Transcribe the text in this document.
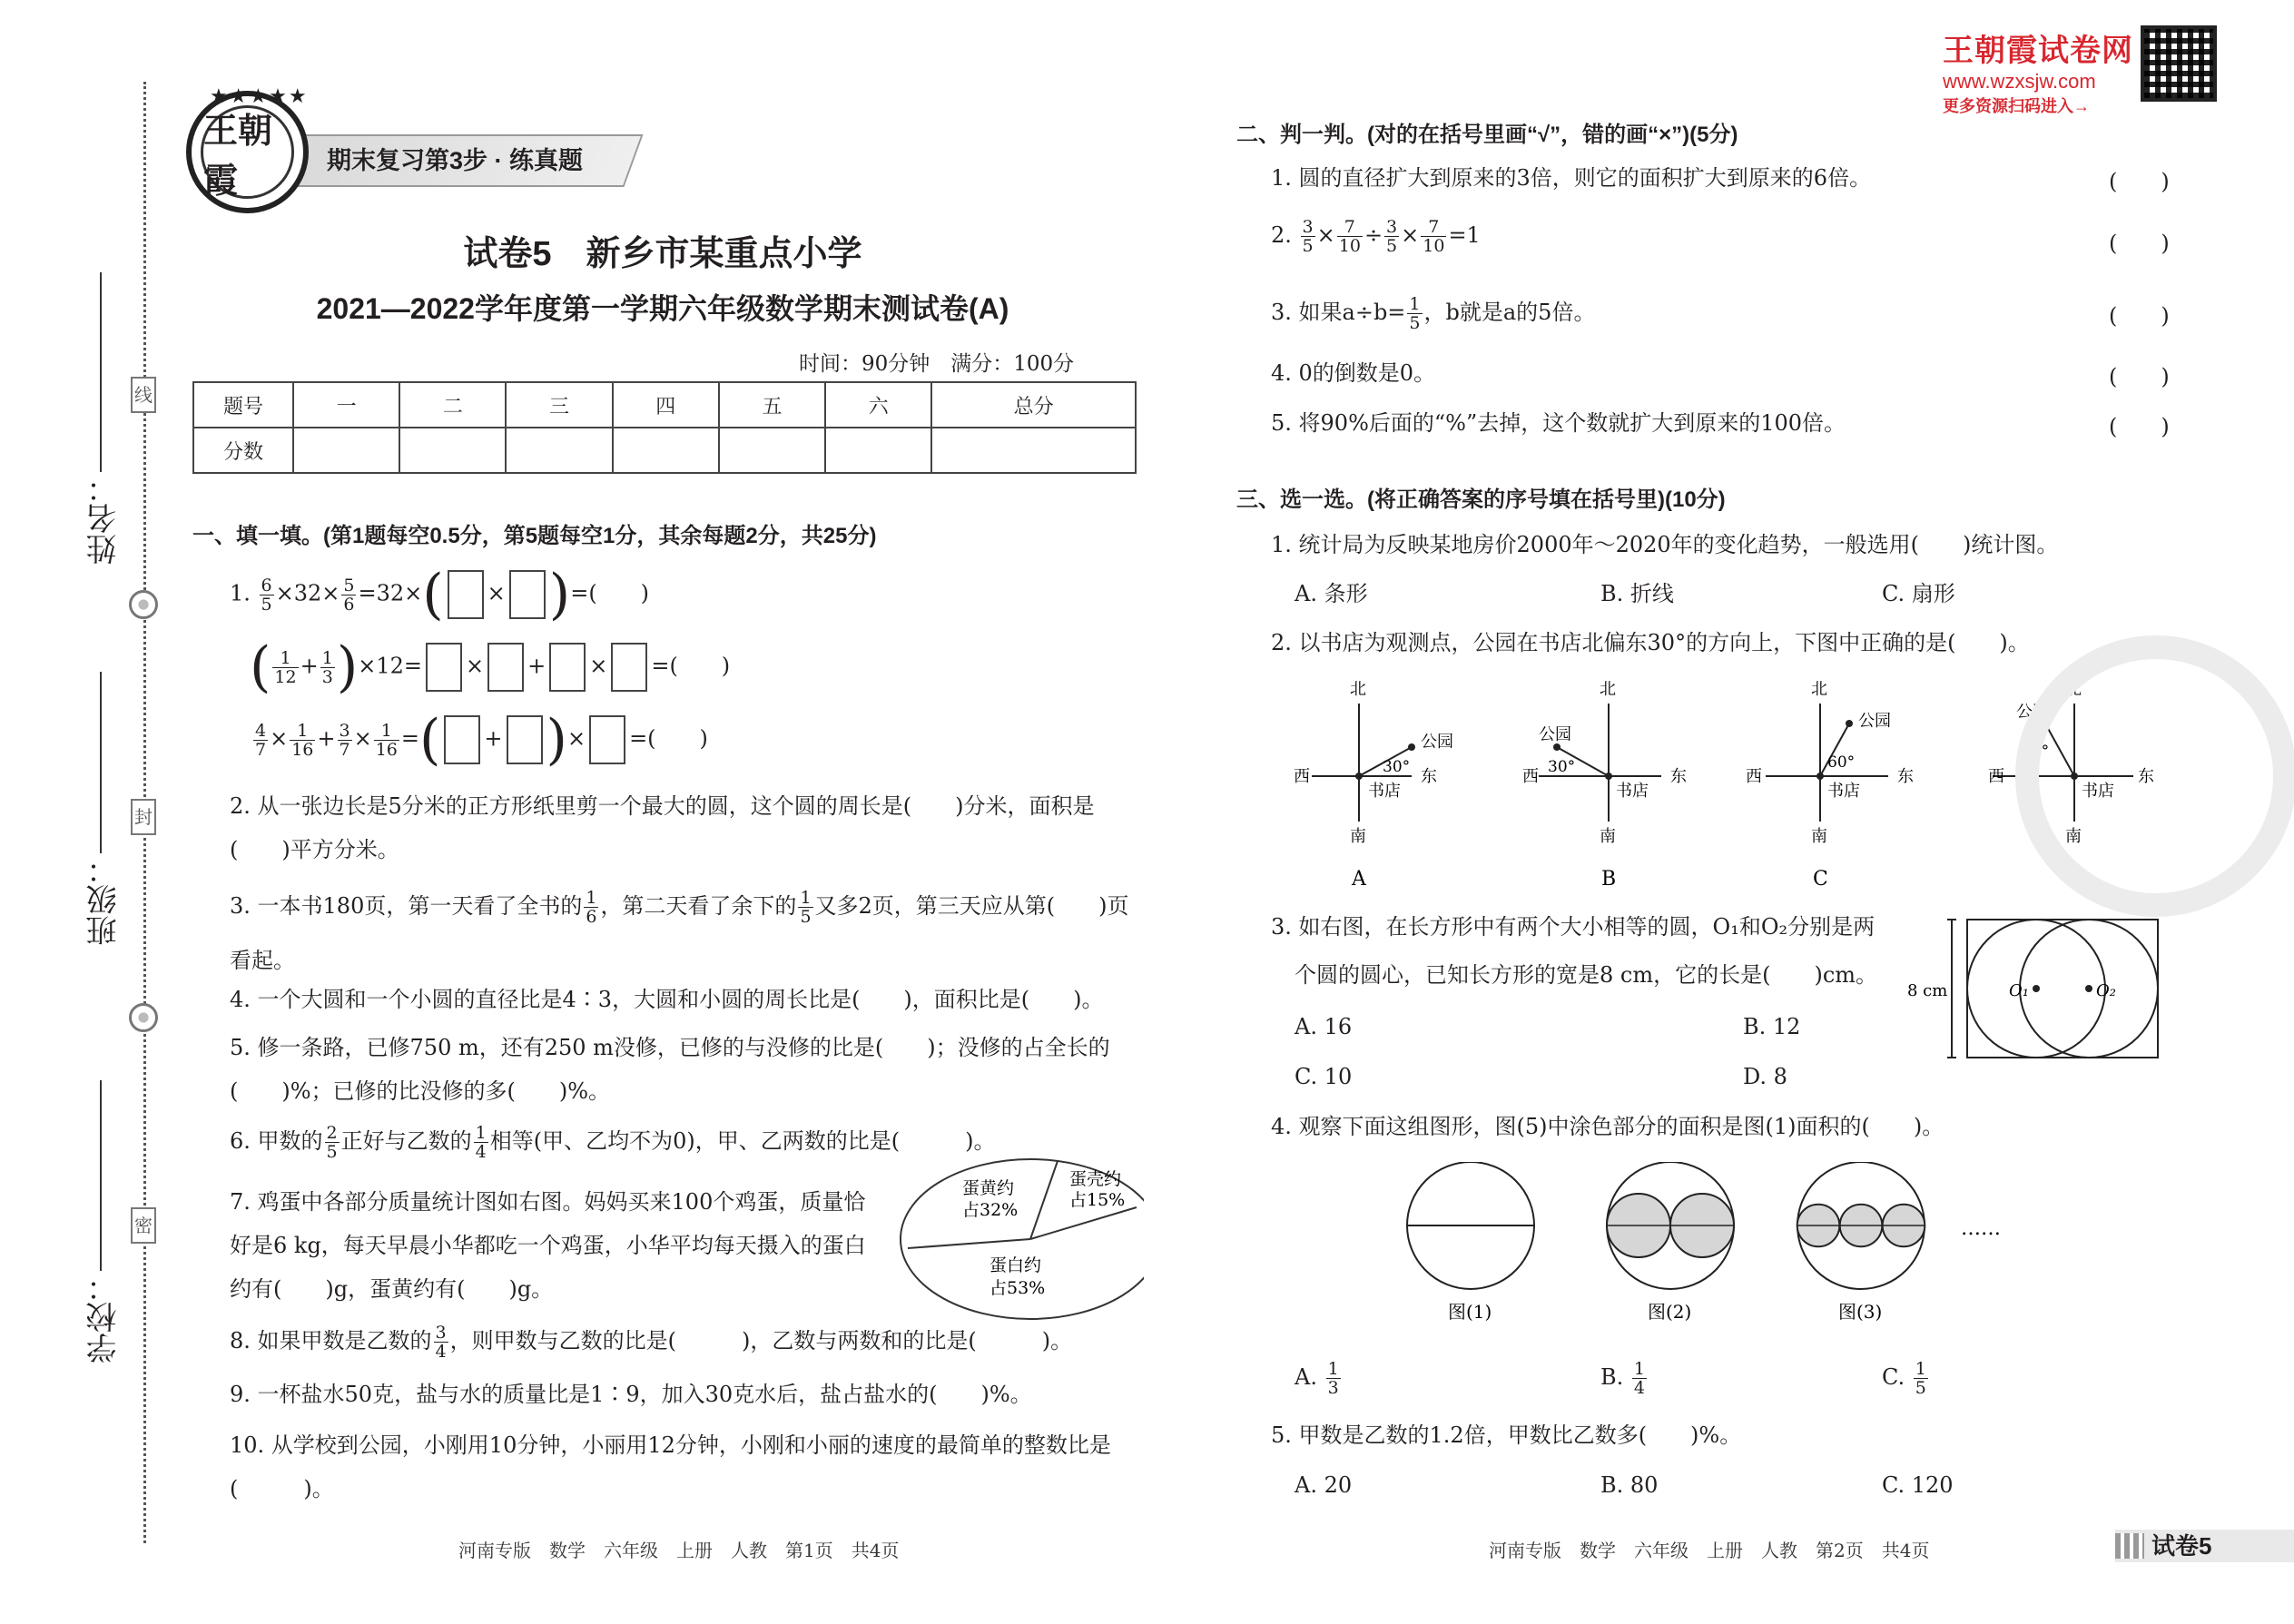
线
封
密
姓名：
班级：
学校：
期末复习第3步 · 练真题
★★★★★
王朝霞
王朝霞试卷网
www.wzxsjw.com
更多资源扫码进入→
试卷5　新乡市某重点小学
2021—2022学年度第一学期六年级数学期末测试卷(A)
时间：90分钟　满分：100分
题号	一	二	三	四	五	六	总分
分数							
一、填一填。(第1题每空0.5分，第5题每空1分，其余每题2分，共25分)
1. $\frac{6}{5} \times 32\times \frac{5}{6} =32\times$( × )=(　　)
( $\frac{1}{12} + \frac{1}{3} )\times 12=$ × + × =(　　)
$\frac{4}{7} \times \frac{1}{16} + \frac{3}{7} \times \frac{1}{16}$ =( + )× =(　　)
2. 从一张边长是5分米的正方形纸里剪一个最大的圆，这个圆的周长是(　　)分米，面积是(　　)平方分米。
3. 一本书180页，第一天看了全书的 $\frac{1}{6}$ ，第二天看了余下的 $\frac{1}{5}$ 又多2页，第三天应从第(　　)页看起。
4. 一个大圆和一个小圆的直径比是4∶3，大圆和小圆的周长比是(　　)，面积比是(　　)。
5. 修一条路，已修750 m，还有250 m没修，已修的与没修的比是(　　)；没修的占全长的(　　)%；已修的比没修的多(　　)%。
6. 甲数的 $\frac{2}{5}$ 正好与乙数的 $\frac{1}{4}$ 相等(甲、乙均不为0)，甲、乙两数的比是(　　　)。
7. 鸡蛋中各部分质量统计图如右图。妈妈买来100个鸡蛋，质量恰好是6 kg，每天早晨小华都吃一个鸡蛋，小华平均每天摄入的蛋白约有(　　)g，蛋黄约有(　　)g。
蛋黄约
占32%
蛋壳约
占15%
蛋白约
占53%
8. 如果甲数是乙数的 $\frac{3}{4}$ ，则甲数与乙数的比是(　　　)，乙数与两数和的比是(　　　)。
9. 一杯盐水50克，盐与水的质量比是1∶9，加入30克水后，盐占盐水的(　　)%。
10. 从学校到公园，小刚用10分钟，小丽用12分钟，小刚和小丽的速度的最简单的整数比是(　　　)。
二、判一判。(对的在括号里画“√”，错的画“×”)(5分)
1. 圆的直径扩大到原来的3倍，则它的面积扩大到原来的6倍。	(　　)
2. $\frac{3}{5} \times \frac{7}{10} \div \frac{3}{5} \times \frac{7}{10} =1$	(　　)
3. 如果$a\div b= \frac{1}{5}$ ，b就是a的5倍。	(　　)
4. 0的倒数是0。	(　　)
5. 将90%后面的“%”去掉，这个数就扩大到原来的100倍。	(　　)
三、选一选。(将正确答案的序号填在括号里)(10分)
1. 统计局为反映某地房价2000年～2020年的变化趋势，一般选用(　　)统计图。
A. 条形	B. 折线	C. 扇形
2. 以书店为观测点，公园在书店北偏东30°的方向上，下图中正确的是(　　)。
北
南
西	东
公园
书店
30°
A
北
南
西	东
公园
书店
30°
B
北
南
西	东
公园
书店
60°
C
北
南
西	东
公园
书店
30°
D
3. 如右图，在长方形中有两个大小相等的圆，O₁和O₂分别是两
个圆的圆心，已知长方形的宽是8 cm，它的长是(　　)cm。
A. 16	B. 12
C. 10	D. 8
8 cm	O₁	O₂
4. 观察下面这组图形，图(5)中涂色部分的面积是图(1)面积的(　　)。
图(1)	图(2)	图(3)
……
A. $\frac{1}{3}$	B. $\frac{1}{4}$	C. $\frac{1}{5}$
5. 甲数是乙数的1.2倍，甲数比乙数多(　　)%。
A. 20	B. 80	C. 120
河南专版　数学　六年级　上册　人教　第1页　共4页	河南专版　数学　六年级　上册　人教　第2页　共4页	试卷5
